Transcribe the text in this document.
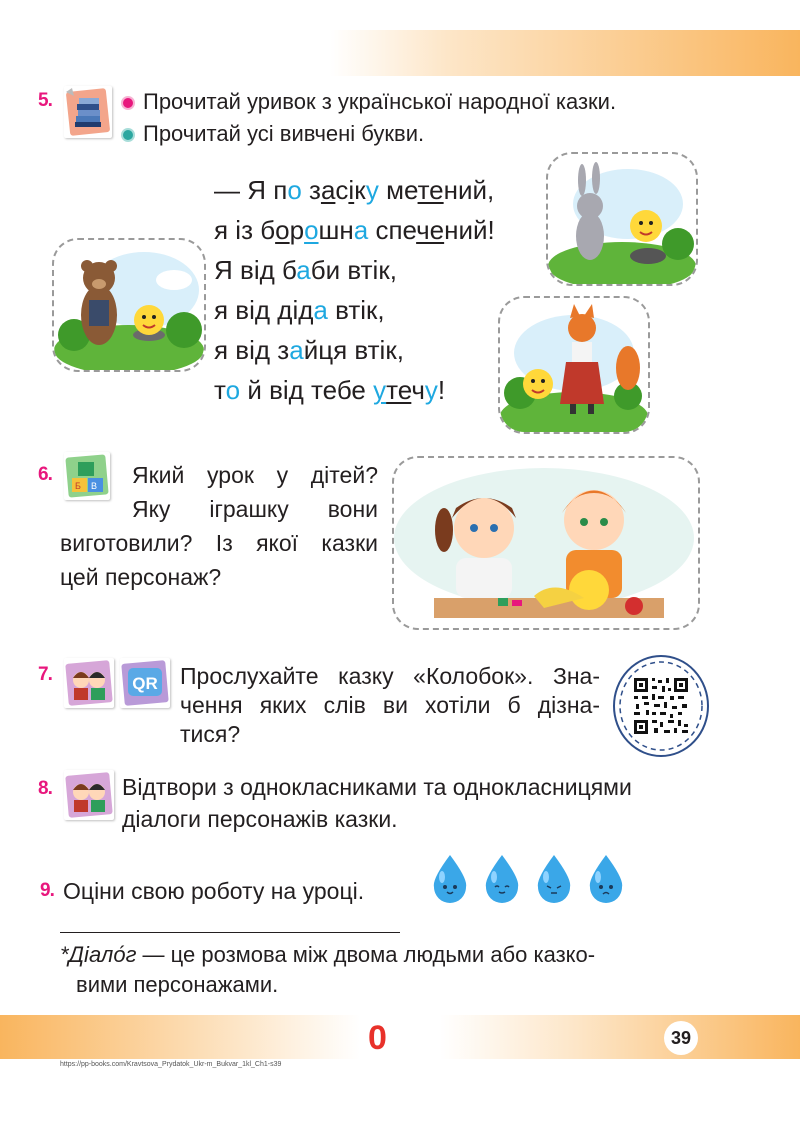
5.	Прочитай уривок з української народної казки.
Прочитай усі вивчені букви.
— Я по засіку метений,
я із борошна спечений!
Я від баби втік,
я від діда втік,
я від зайця втік,
то й від тебе утечу!
6.
Б В Який урок у дітей?
Яку іграшку вони
виготовили? Із якої казки
цей персонаж?
7.	QR Прослухайте казку «Колобок». Зна-
чення яких слів ви хотіли б дізна-
тися?
8.	Відтвори з однокласниками та однокласницями
діалоги персонажів казки.
9. Оціни свою роботу на уроці.
*Діало́г — це розмова між двома людьми або казко-
вими персонажами.
0	39
https://pp-books.com/Kravtsova_Prydatok_Ukr-m_Bukvar_1kl_Ch1-s39
